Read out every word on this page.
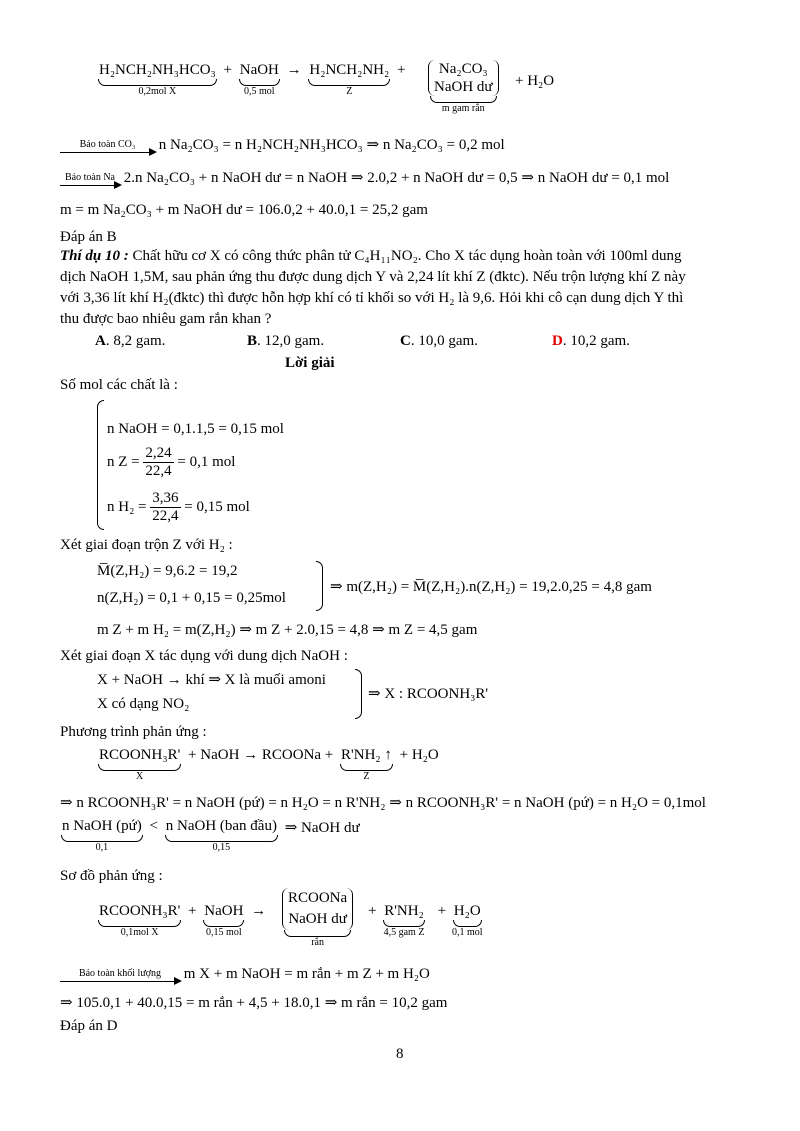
H₂NCH₂NH₃HCO₃
0,2mol X
+ NaOH
0,5 mol
→ H₂NCH₂NH₂
Z
+	Na₂CO₃
NaOH dư
m gam rắn
+ H₂O
Bảo toàn CO₃	n Na₂CO₃ = n H₂NCH₂NH₃HCO₃ ⇒ n Na₂CO₃ = 0,2 mol
Bảo toàn Na 2.n Na₂CO₃ + n NaOH dư = n NaOH ⇒ 2.0,2 + n NaOH dư = 0,5 ⇒ n NaOH dư = 0,1 mol
m = m Na₂CO₃ + m NaOH dư = 106.0,2 + 40.0,1 = 25,2 gam
Đáp án B
Thí dụ 10 : Chất hữu cơ X có công thức phân tử C₄H₁₁NO₂. Cho X tác dụng hoàn toàn với 100ml dung
dịch NaOH 1,5M, sau phản ứng thu được dung dịch Y và 2,24 lít khí Z (đktc). Nếu trộn lượng khí Z này
với 3,36 lít khí H₂(đktc) thì được hỗn hợp khí có tỉ khối so với H₂ là 9,6. Hỏi khi cô cạn dung dịch Y thì
thu được bao nhiêu gam rắn khan ?
A. 8,2 gam.	B. 12,0 gam.	C. 10,0 gam.	D. 10,2 gam.
Lời giải
Số mol các chất là :
n NaOH = 0,1.1,5 = 0,15 mol
n $Z = \frac{2,24}{22,4} = 0,1$ mol
n $H_2 = \frac{3,36}{22,4} = 0,15$ mol
Xét giai đoạn trộn Z với H₂ :
M̅(Z,H₂) = 9,6.2 = 19,2
n(Z,H₂) = 0,1 + 0,15 = 0,25mol
⇒ m(Z,H₂) = M̅(Z,H₂).n(Z,H₂) = 19,2.0,25 = 4,8 gam
m Z + m H₂ = m(Z,H₂) ⇒ m Z + 2.0,15 = 4,8 ⇒ m Z = 4,5 gam
Xét giai đoạn X tác dụng với dung dịch NaOH :
X + NaOH → khí ⇒ X là muối amoni
X có dạng NO₂
⇒ X : RCOONH₃R'
Phương trình phản ứng :
RCOONH₃R'
X
+ NaOH → RCOONa + R'NH₂ ↑
Z
+ H₂O
⇒ n RCOONH₃R' = n NaOH (pứ) = n H₂O = n R'NH₂ ⇒ n RCOONH₃R' = n NaOH (pứ) = n H₂O = 0,1mol
n NaOH (pứ)
0,1
< n NaOH (ban đầu)
0,15
⇒ NaOH dư
Sơ đồ phản ứng :
RCOONH₃R'
0,1mol X
+ NaOH
0,15 mol
→
RCOONa
NaOH dư
rắn
+ R'NH₂
4,5 gam Z
+ H₂O
0,1 mol
Bảo toàn khối lượng	m X + m NaOH = m rắn + m Z + m H₂O
⇒ 105.0,1 + 40.0,15 = m rắn + 4,5 + 18.0,1 ⇒ m rắn = 10,2 gam
Đáp án D
8
